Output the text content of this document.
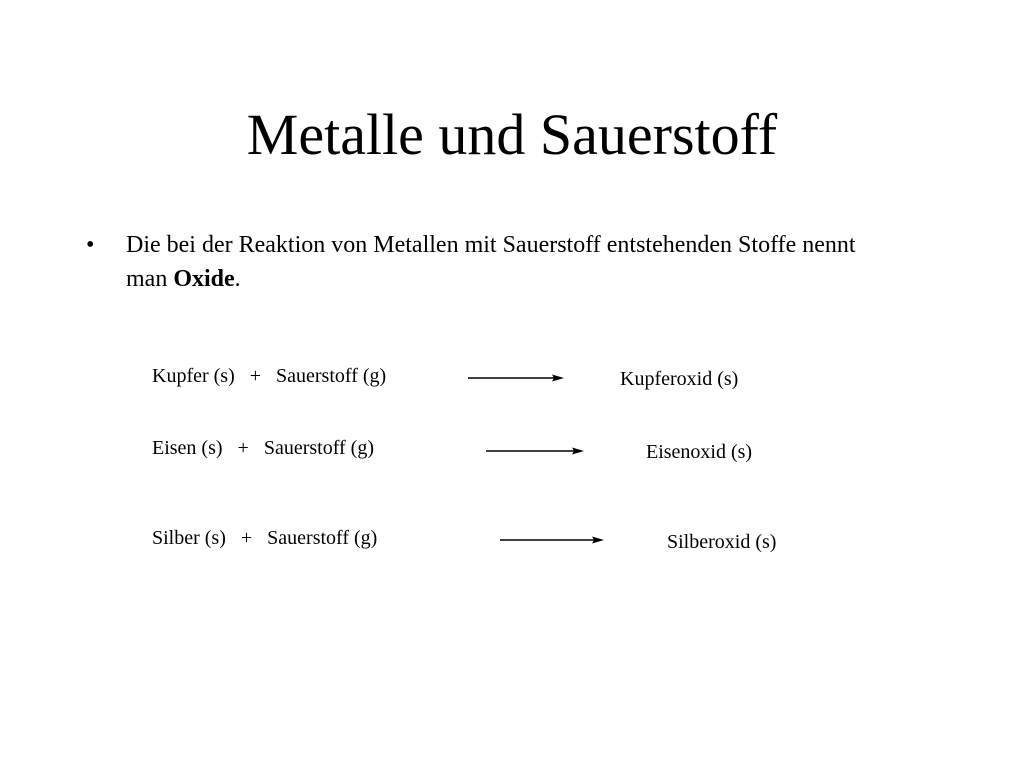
Metalle und Sauerstoff
•	Die bei der Reaktion von Metallen mit Sauerstoff entstehenden Stoffe nennt man Oxide.
Kupfer (s)   +   Sauerstoff (g)	Kupferoxid (s)
Eisen (s)   +   Sauerstoff (g)	Eisenoxid (s)
Silber (s)   +   Sauerstoff (g)	Silberoxid (s)
